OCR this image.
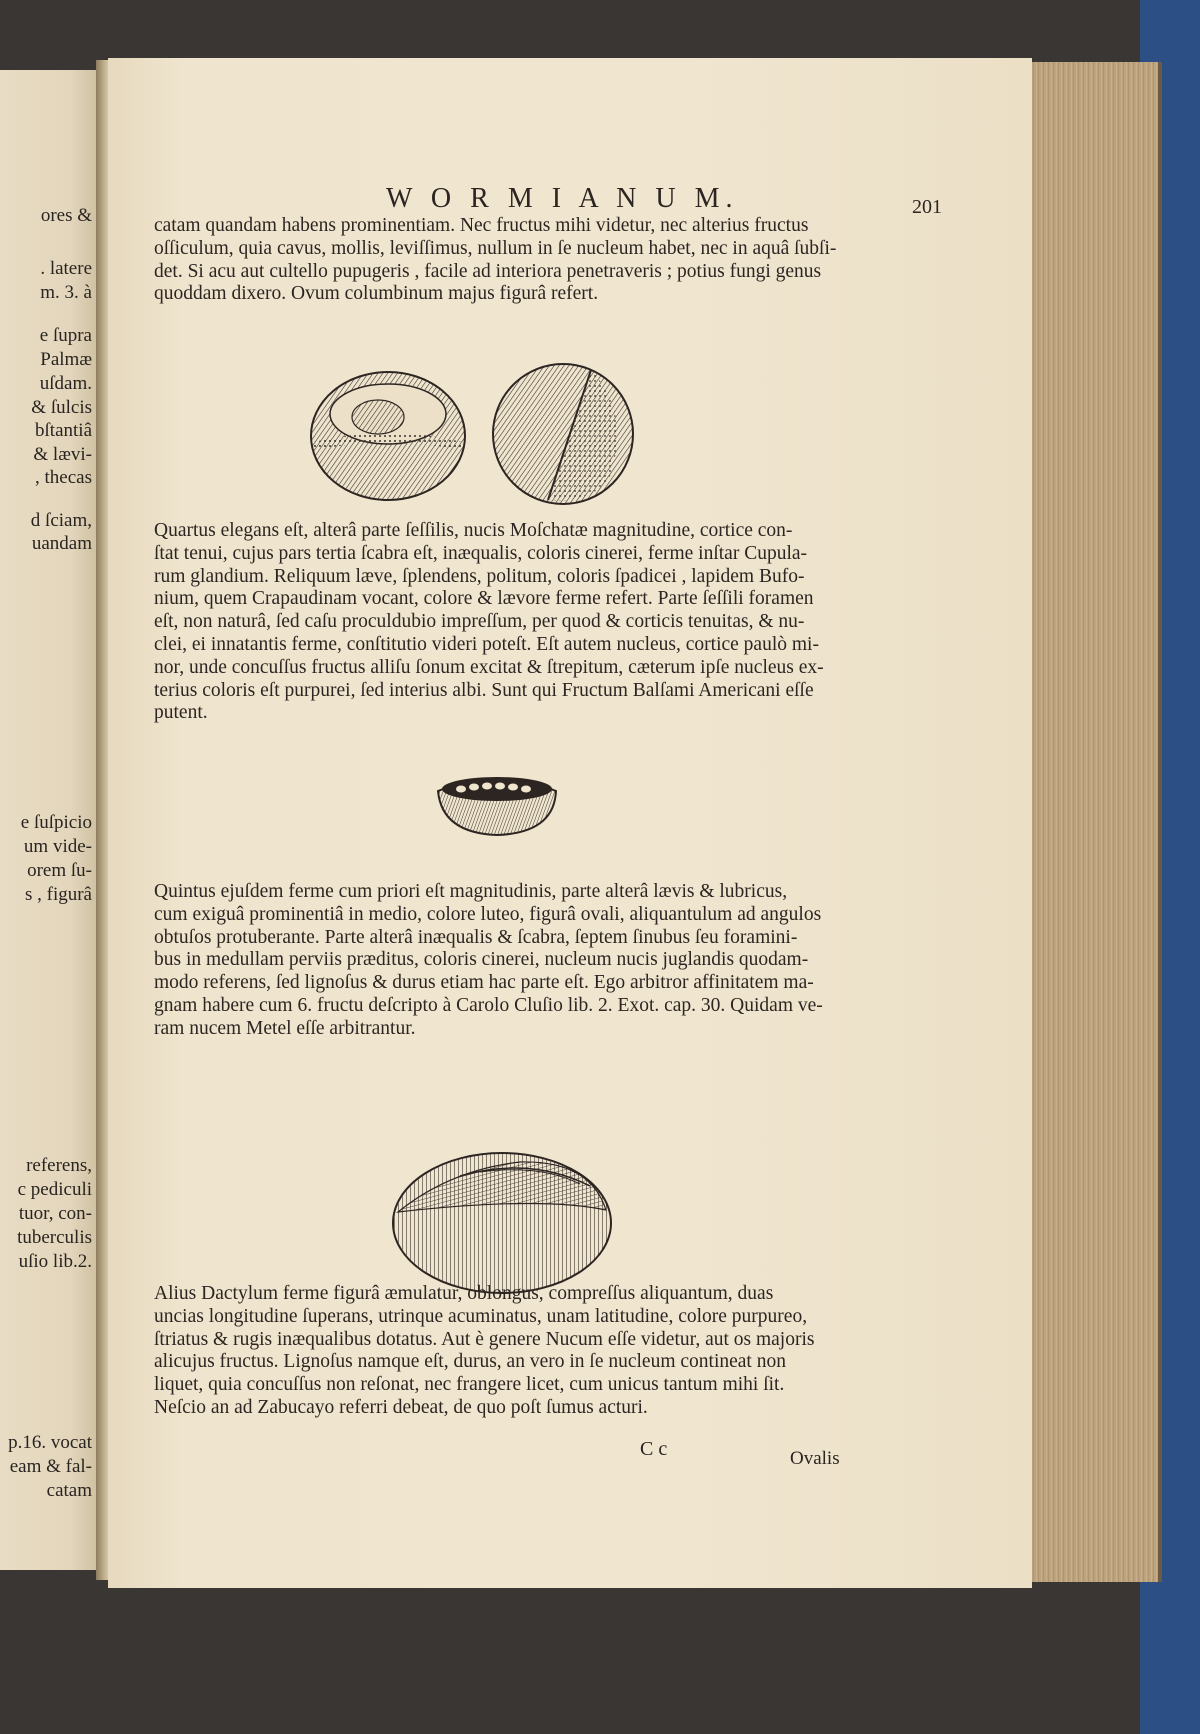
ores &
. latere
m. 3. à
e ſupra
Palmæ
uſdam.
& ſulcis
bſtantiâ
& lævi-
, thecas
d ſciam,
uandam
e ſuſpicio
um vide-
orem ſu-
s , figurâ
referens,
c pediculi
tuor, con-
tuberculis
uſio lib.2.
p.16. vocat
eam & fal-
catam
W O R M I A N U M.	201
catam quandam habens prominentiam. Nec fructus mihi videtur, nec alterius fructus
oſſiculum, quia cavus, mollis, leviſſimus, nullum in ſe nucleum habet, nec in aquâ ſubſi-
det. Si acu aut cultello pupugeris , facile ad interiora penetraveris ; potius fungi genus
quoddam dixero. Ovum columbinum majus figurâ refert.
Quartus elegans eſt, alterâ parte ſeſſilis, nucis Moſchatæ magnitudine, cortice con-
ſtat tenui, cujus pars tertia ſcabra eſt, inæqualis, coloris cinerei, ferme inſtar Cupula-
rum glandium. Reliquum læve, ſplendens, politum, coloris ſpadicei , lapidem Bufo-
nium, quem Crapaudinam vocant, colore & lævore ferme refert. Parte ſeſſili foramen
eſt, non naturâ, ſed caſu proculdubio impreſſum, per quod & corticis tenuitas, & nu-
clei, ei innatantis ferme, conſtitutio videri poteſt. Eſt autem nucleus, cortice paulò mi-
nor, unde concuſſus fructus alliſu ſonum excitat & ſtrepitum, cæterum ipſe nucleus ex-
terius coloris eſt purpurei, ſed interius albi. Sunt qui Fructum Balſami Americani eſſe
putent.
Quintus ejuſdem ferme cum priori eſt magnitudinis, parte alterâ lævis & lubricus,
cum exiguâ prominentiâ in medio, colore luteo, figurâ ovali, aliquantulum ad angulos
obtuſos protuberante. Parte alterâ inæqualis & ſcabra, ſeptem ſinubus ſeu foramini-
bus in medullam perviis præditus, coloris cinerei, nucleum nucis juglandis quodam-
modo referens, ſed lignoſus & durus etiam hac parte eſt. Ego arbitror affinitatem ma-
gnam habere cum 6. fructu deſcripto à Carolo Cluſio lib. 2. Exot. cap. 30. Quidam ve-
ram nucem Metel eſſe arbitrantur.
Alius Dactylum ferme figurâ æmulatur, oblongus, compreſſus aliquantum, duas
uncias longitudine ſuperans, utrinque acuminatus, unam latitudine, colore purpureo,
ſtriatus & rugis inæqualibus dotatus. Aut è genere Nucum eſſe videtur, aut os majoris
alicujus fructus. Lignoſus namque eſt, durus, an vero in ſe nucleum contineat non
liquet, quia concuſſus non reſonat, nec frangere licet, cum unicus tantum mihi ſit.
Neſcio an ad Zabucayo referri debeat, de quo poſt ſumus acturi.
C c	Ovalis
